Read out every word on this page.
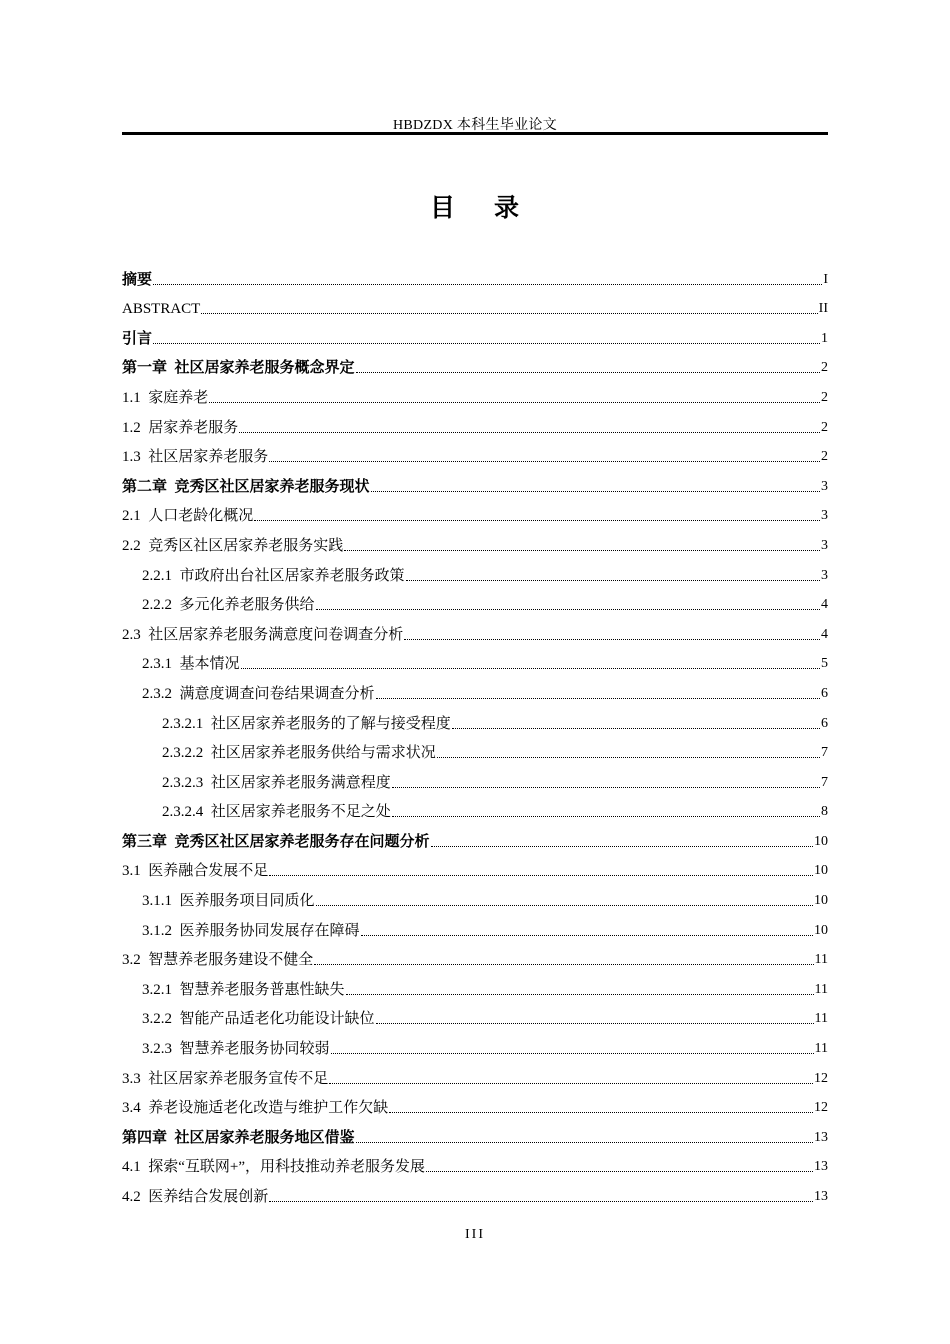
HBDZDX 本科生毕业论文
目 录
摘要	I
ABSTRACT	II
引言	1
第一章  社区居家养老服务概念界定	2
1.1  家庭养老	2
1.2  居家养老服务	2
1.3  社区居家养老服务	2
第二章  竞秀区社区居家养老服务现状	3
2.1  人口老龄化概况	3
2.2  竞秀区社区居家养老服务实践	3
2.2.1  市政府出台社区居家养老服务政策	3
2.2.2  多元化养老服务供给	4
2.3  社区居家养老服务满意度问卷调查分析	4
2.3.1  基本情况	5
2.3.2  满意度调查问卷结果调查分析	6
2.3.2.1  社区居家养老服务的了解与接受程度	6
2.3.2.2  社区居家养老服务供给与需求状况	7
2.3.2.3  社区居家养老服务满意程度	7
2.3.2.4  社区居家养老服务不足之处	8
第三章  竞秀区社区居家养老服务存在问题分析	10
3.1  医养融合发展不足	10
3.1.1  医养服务项目同质化	10
3.1.2  医养服务协同发展存在障碍	10
3.2  智慧养老服务建设不健全	11
3.2.1  智慧养老服务普惠性缺失	11
3.2.2  智能产品适老化功能设计缺位	11
3.2.3  智慧养老服务协同较弱	11
3.3  社区居家养老服务宣传不足	12
3.4  养老设施适老化改造与维护工作欠缺	12
第四章  社区居家养老服务地区借鉴	13
4.1  探索“互联网+”，用科技推动养老服务发展	13
4.2  医养结合发展创新	13
III
